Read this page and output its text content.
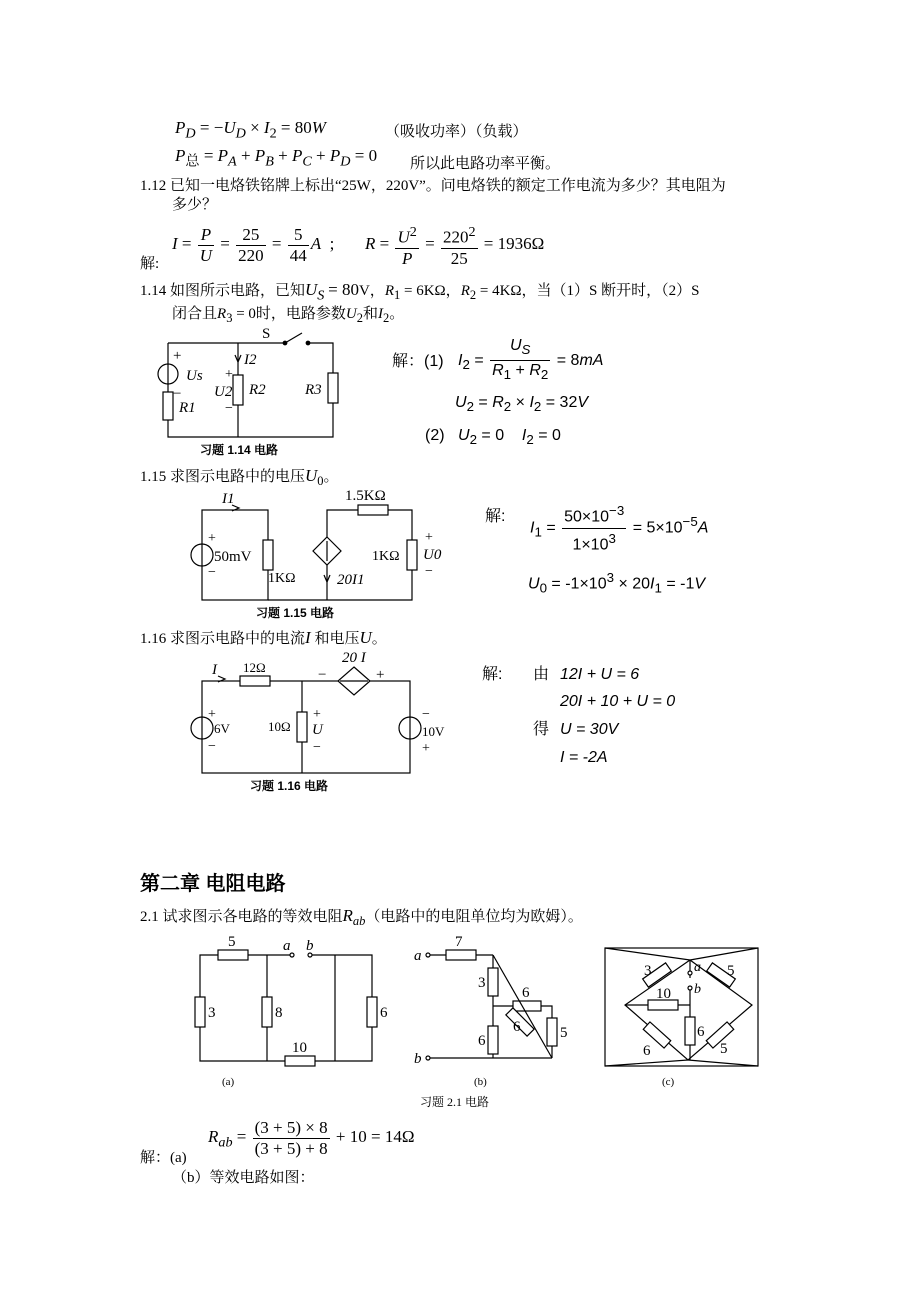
$P_D = -U_D \times I_2 = 80W$	（吸收功率）（负载）
$P_总 = P_A + P_B + P_C + P_D = 0$ 所以此电路功率平衡。
1.12 已知一电烙铁铭牌上标出“25W，220V”。问电烙铁的额定工作电流为多少？其电阻为
多少？
解:
$I = \frac{P}{U} = \frac{25}{220} = \frac{5}{44}$ A  ; $R = \frac{U^2}{P} = \frac{220^2}{25} = 1936\Omega$
1.14 如图所示电路，已知$U_S = 80V$，$R_1 = 6K\Omega$，$R_2 = 4K\Omega$，当（1）S 断开时，（2）S
闭合且$R_3 = 0$时，电路参数$U_2$和$I_2$。
S
+
Us
−
R1
I2
+
U2
−
R2	R3
习题 1.14 电路
I1	1.5KΩ
+
50mV
−	1KΩ	20I1
1KΩ
+
U0
−
习题 1.15 电路
I 12Ω	−
20 I
+
+
6V
−
10Ω
+
U
−
−
10V
+
习题 1.16 电路
5	a b
3	8	6
10
(a)
a
7
3
6
6
6	5
b
(b)
3	a 5
b
10
6
6	5
(c)
习题 2.1 电路
解：(1) $I_2 = \frac{U_S}{R_1 + R_2} = 8mA$
$U_2 = R_2 \times I_2 = 32V$
(2) $U_2 = 0$    $I_2 = 0$
1.15 求图示电路中的电压$U_0$。
解:
$I_1 = \frac{50\times 10^{-3}}{1\times 10^3} = 5\times 10^{-5}A$
$U_0 = -1\times 10^3 \times 20I_1 = -1V$
1.16 求图示电路中的电流I 和电压U。
解: 由 12I + U = 6
20I + 10 + U = 0
得 U = 30V
I = -2A
第二章 电阻电路
2.1 试求图示各电路的等效电阻$R_{ab}$（电路中的电阻单位均为欧姆）。
解：(a)
$R_{ab} = \frac{(3 + 5) \times 8}{(3 + 5) + 8} + 10 = 14\Omega$
（b）等效电路如图：
